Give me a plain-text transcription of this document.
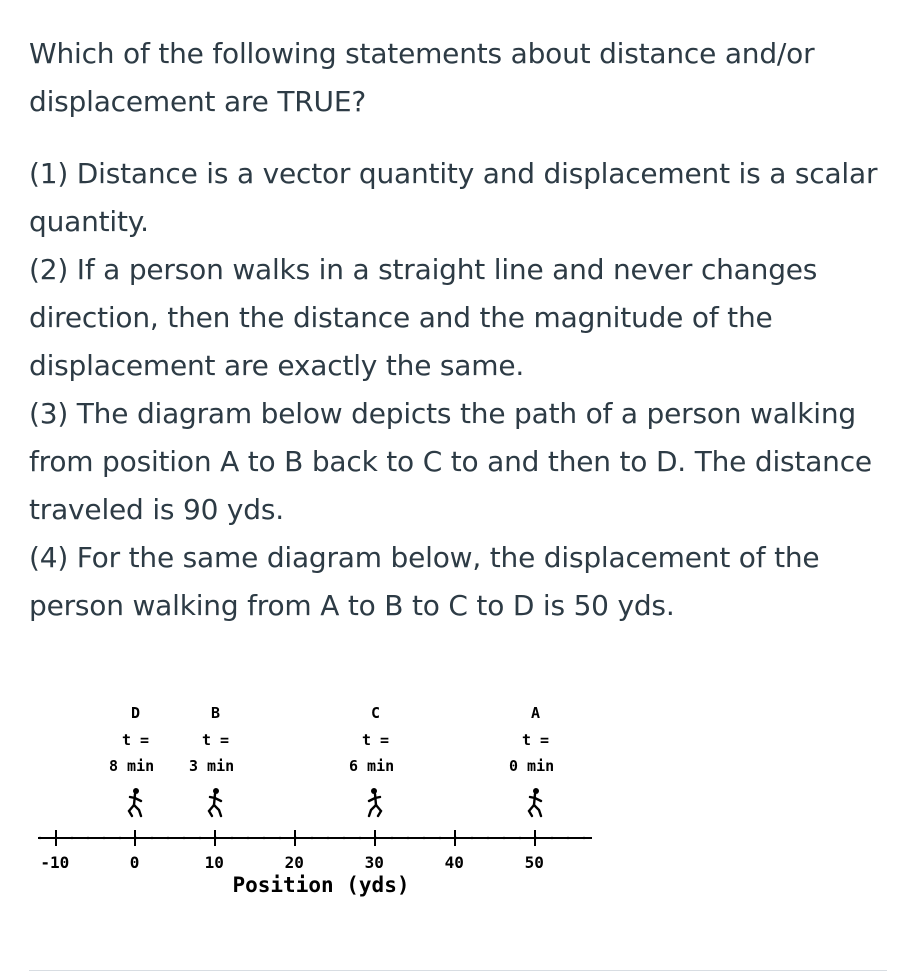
Which of the following statements about distance and/or displacement are TRUE?

(1) Distance is a vector quantity and displacement is a scalar quantity.

(2) If a person walks in a straight line and never changes direction, then the distance and the magnitude of the displacement are exactly the same.

(3) The diagram below depicts the path of a person walking from position A to B back to C to and then to D. The distance traveled is 90 yds.

(4) For the same diagram below, the displacement of the person walking from A to B to C to D is 50 yds.

Position (yds)
-10	0	10	20	30	40	50
D
t =
8 min
B
t =
3 min
C
t =
6 min
A
t =
0 min
